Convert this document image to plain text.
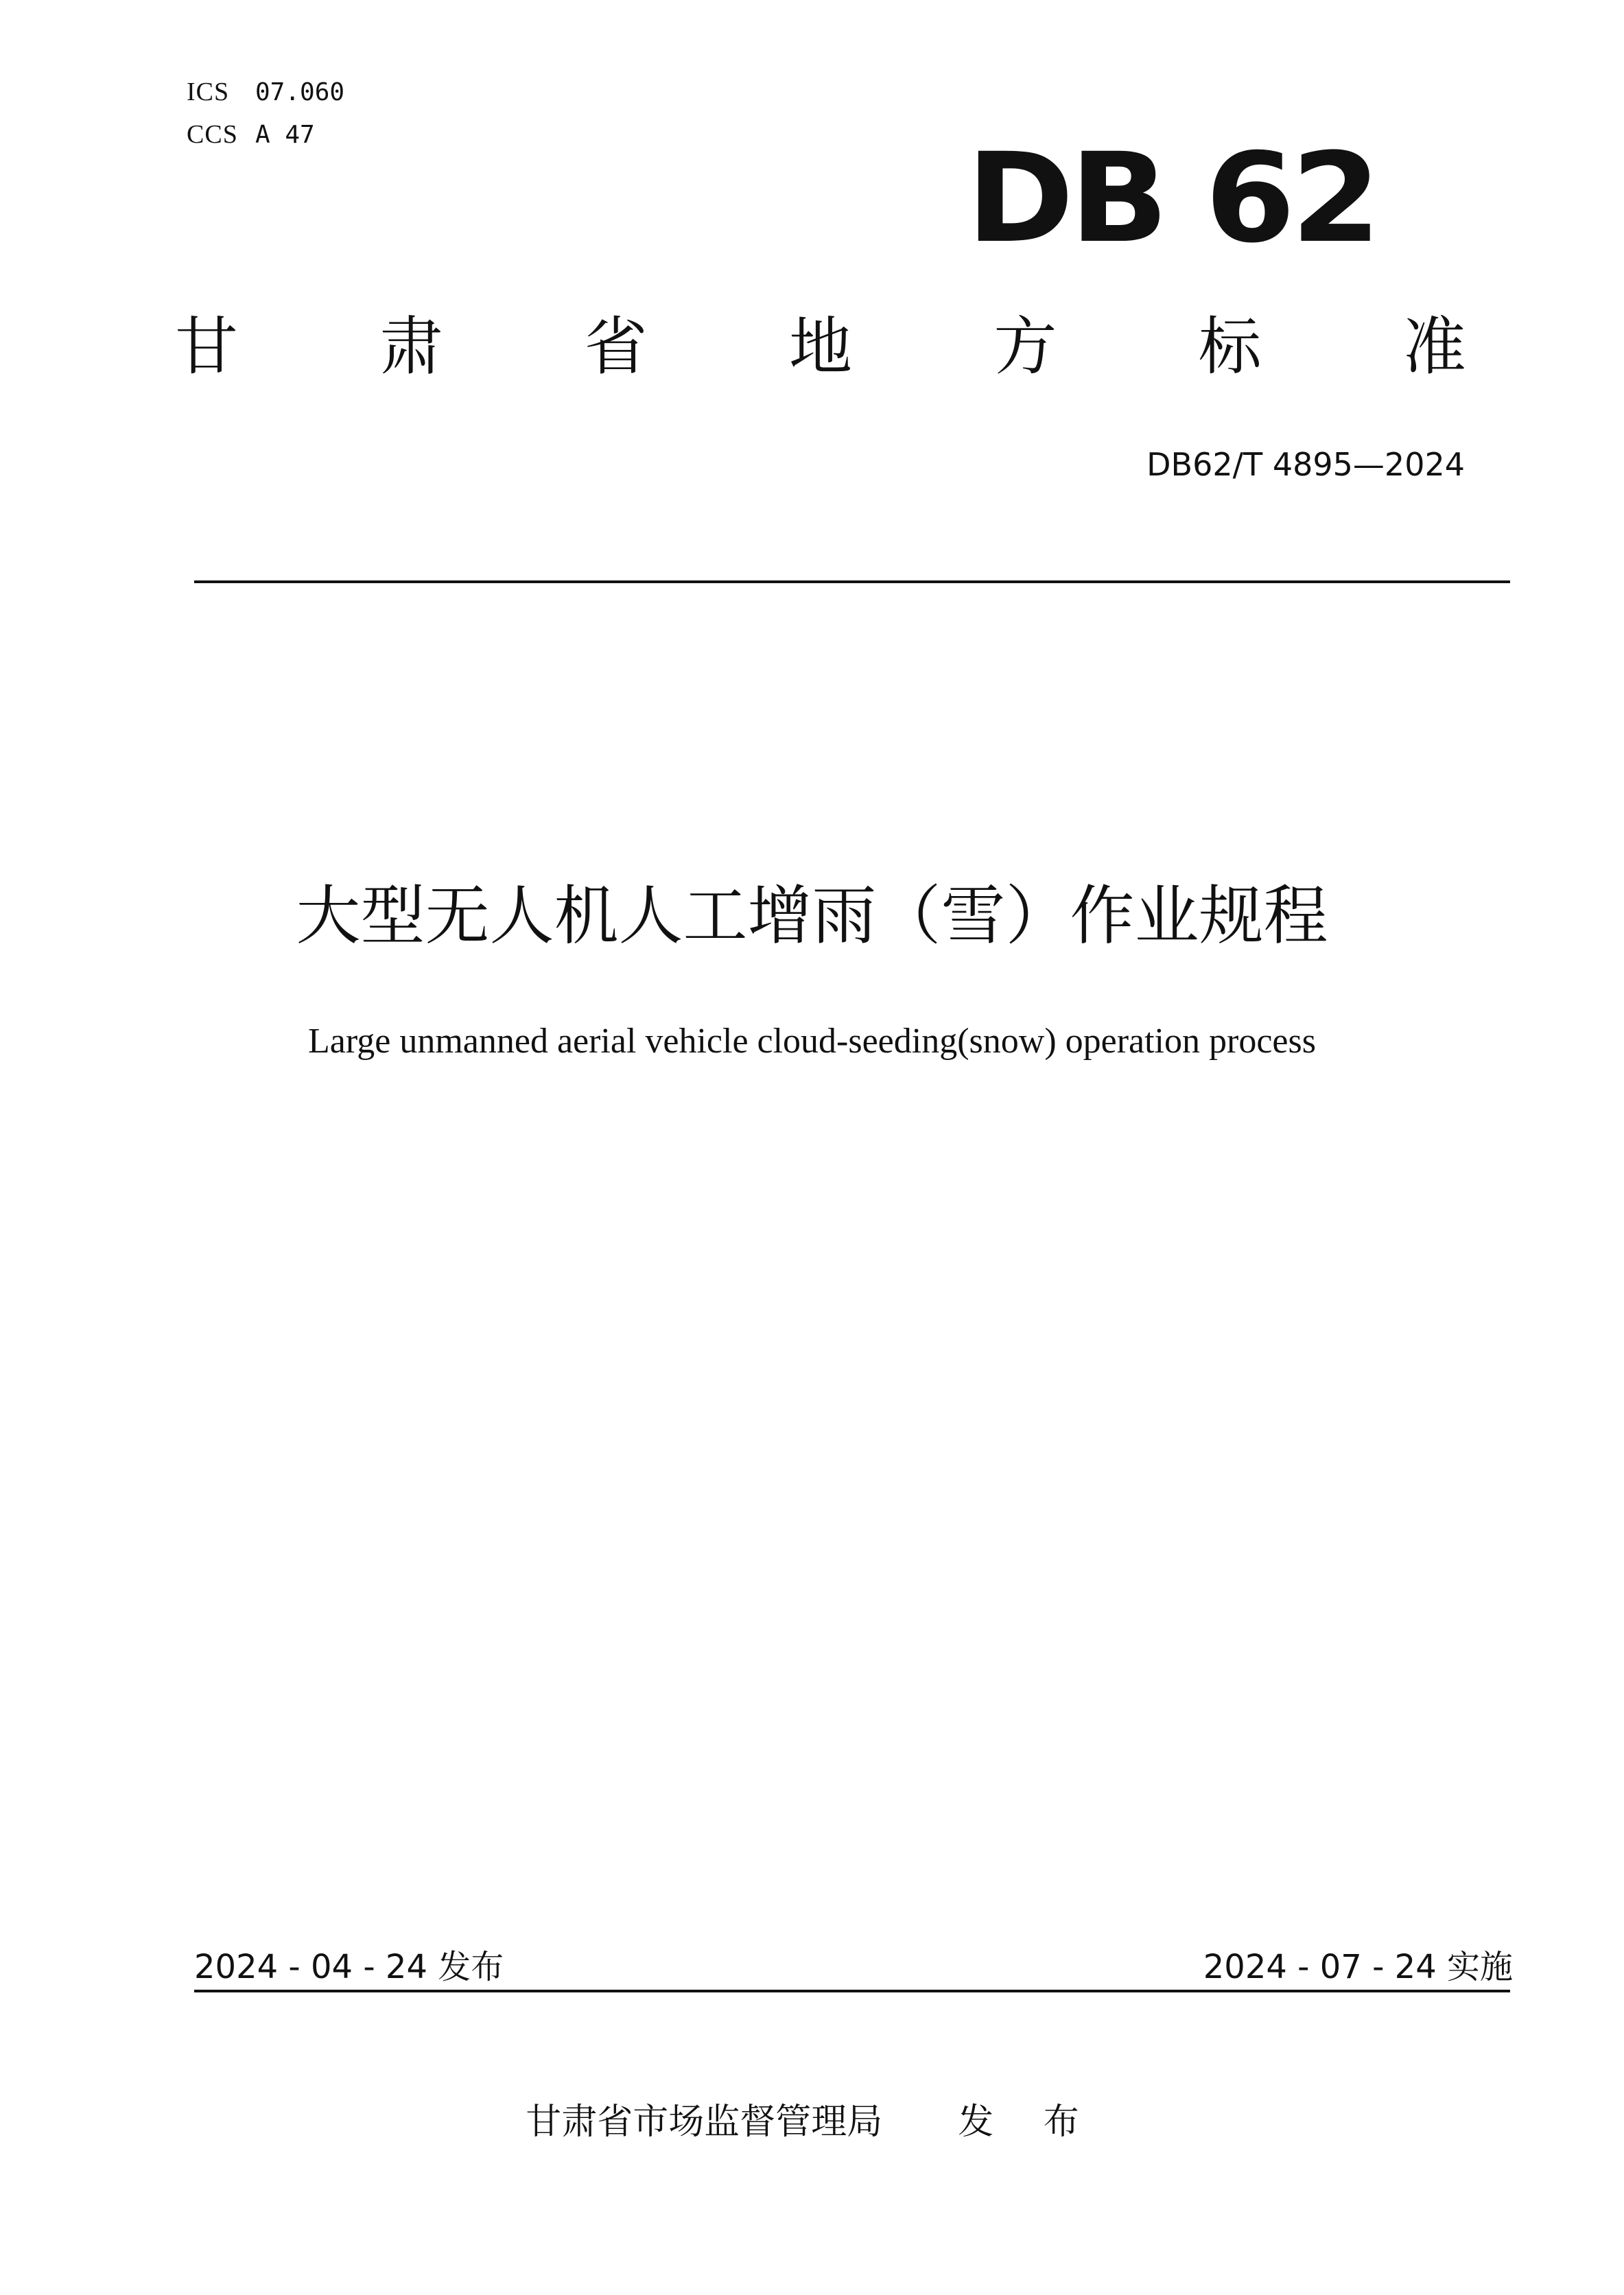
ICS	07.060
CCS A 47	DB 62
甘 肃 省 地 方 标 准
DB62/T 4895—2024
大型无人机人工增雨（雪）作业规程
Large unmanned aerial vehicle cloud-seeding(snow) operation process
2024 - 04 - 24 发布	2024 - 07 - 24 实施
甘肃省市场监督管理局 发 布
